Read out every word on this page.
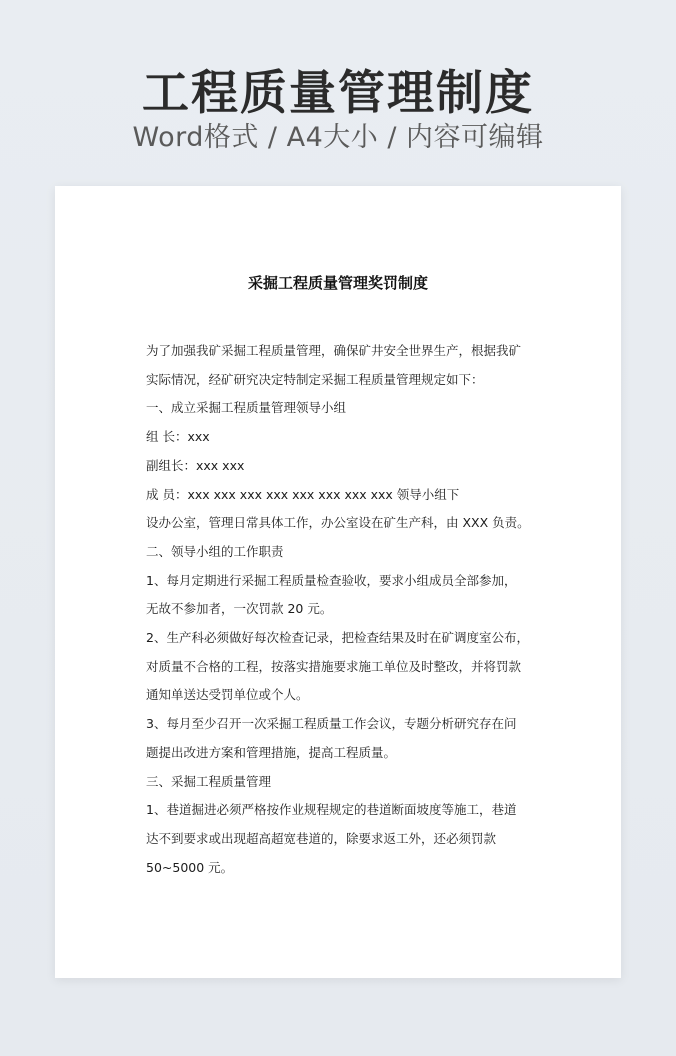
工程质量管理制度
Word格式 / A4大小 / 内容可编辑
采掘工程质量管理奖罚制度
为了加强我矿采掘工程质量管理，确保矿井安全世界生产，根据我矿
实际情况，经矿研究决定特制定采掘工程质量管理规定如下：
一、成立采掘工程质量管理领导小组
组 长：xxx
副组长：xxx xxx
成 员：xxx xxx xxx xxx xxx xxx xxx xxx 领导小组下
设办公室，管理日常具体工作，办公室设在矿生产科，由 XXX 负责。
二、领导小组的工作职责
1、每月定期进行采掘工程质量检查验收，要求小组成员全部参加，
无故不参加者，一次罚款 20 元。
2、生产科必须做好每次检查记录，把检查结果及时在矿调度室公布，
对质量不合格的工程，按落实措施要求施工单位及时整改，并将罚款
通知单送达受罚单位或个人。
3、每月至少召开一次采掘工程质量工作会议，专题分析研究存在问
题提出改进方案和管理措施，提高工程质量。
三、采掘工程质量管理
1、巷道掘进必须严格按作业规程规定的巷道断面坡度等施工，巷道
达不到要求或出现超高超宽巷道的，除要求返工外，还必须罚款
50~5000 元。
